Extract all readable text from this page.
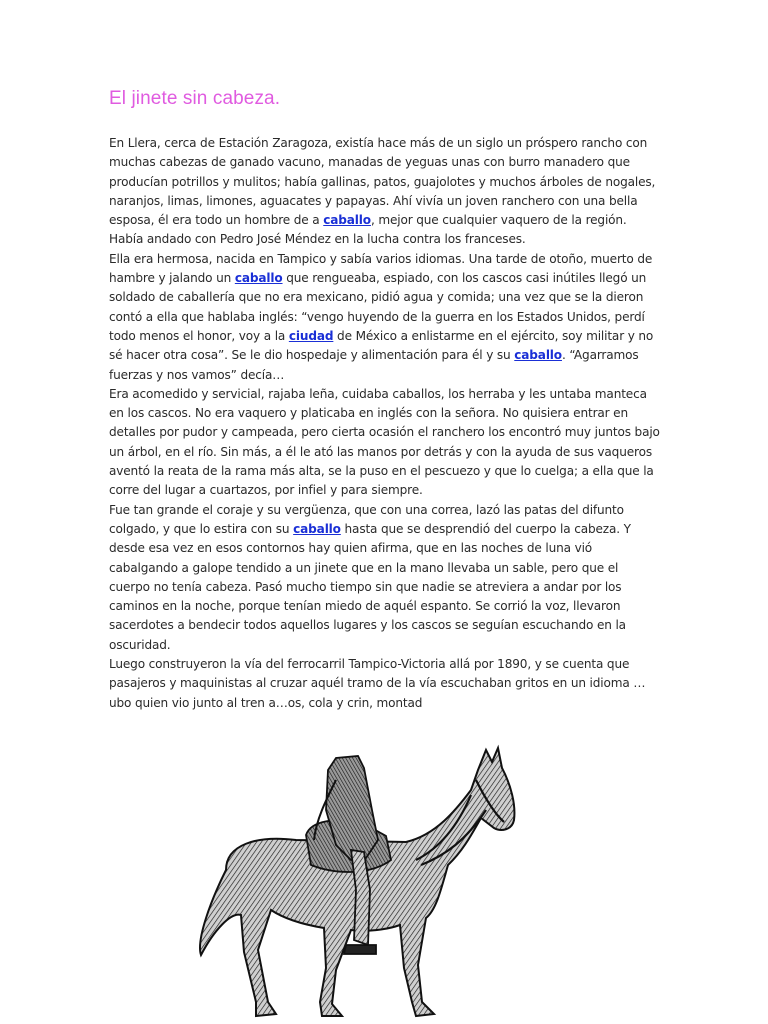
El jinete sin cabeza.

En Llera, cerca de Estación Zaragoza, existía hace más de un siglo un próspero rancho con muchas cabezas de ganado vacuno, manadas de yeguas unas con burro manadero que producían potrillos y mulitos; había gallinas, patos, guajolotes y muchos árboles de nogales, naranjos, limas, limones, aguacates y papayas. Ahí vivía un joven ranchero con una bella esposa, él era todo un hombre de a caballo, mejor que cualquier vaquero de la región. Había andado con Pedro José Méndez en la lucha contra los franceses.

Ella era hermosa, nacida en Tampico y sabía varios idiomas. Una tarde de otoño, muerto de hambre y jalando un caballo que rengueaba, espiado, con los cascos casi inútiles llegó un soldado de caballería que no era mexicano, pidió agua y comida; una vez que se la dieron contó a ella que hablaba inglés: “vengo huyendo de la guerra en los Estados Unidos, perdí todo menos el honor, voy a la ciudad de México a enlistarme en el ejército, soy militar y no sé hacer otra cosa”. Se le dio hospedaje y alimentación para él y su caballo. “Agarramos fuerzas y nos vamos” decía…

Era acomedido y servicial, rajaba leña, cuidaba caballos, los herraba y les untaba manteca en los cascos. No era vaquero y platicaba en inglés con la señora. No quisiera entrar en detalles por pudor y campeada, pero cierta ocasión el ranchero los encontró muy juntos bajo un árbol, en el río. Sin más, a él le ató las manos por detrás y con la ayuda de sus vaqueros aventó la reata de la rama más alta, se la puso en el pescuezo y que lo cuelga; a ella que la corre del lugar a cuartazos, por infiel y para siempre.

Fue tan grande el coraje y su vergüenza, que con una correa, lazó las patas del difunto colgado, y que lo estira con su caballo hasta que se desprendió del cuerpo la cabeza. Y desde esa vez en esos contornos hay quien afirma, que en las noches de luna vió cabalgando a galope tendido a un jinete que en la mano llevaba un sable, pero que el cuerpo no tenía cabeza. Pasó mucho tiempo sin que nadie se atreviera a andar por los caminos en la noche, porque tenían miedo de aquél espanto. Se corrió la voz, llevaron sacerdotes a bendecir todos aquellos lugares y los cascos se seguían escuchando en la oscuridad.

Luego construyeron la vía del ferrocarril Tampico-Victoria allá por 1890, y se cuenta que pasajeros y maquinistas al cruzar aquél tramo de la vía escuchaban gritos en un idioma …ubo quien vio junto al tren a…os, cola y crin, montad
